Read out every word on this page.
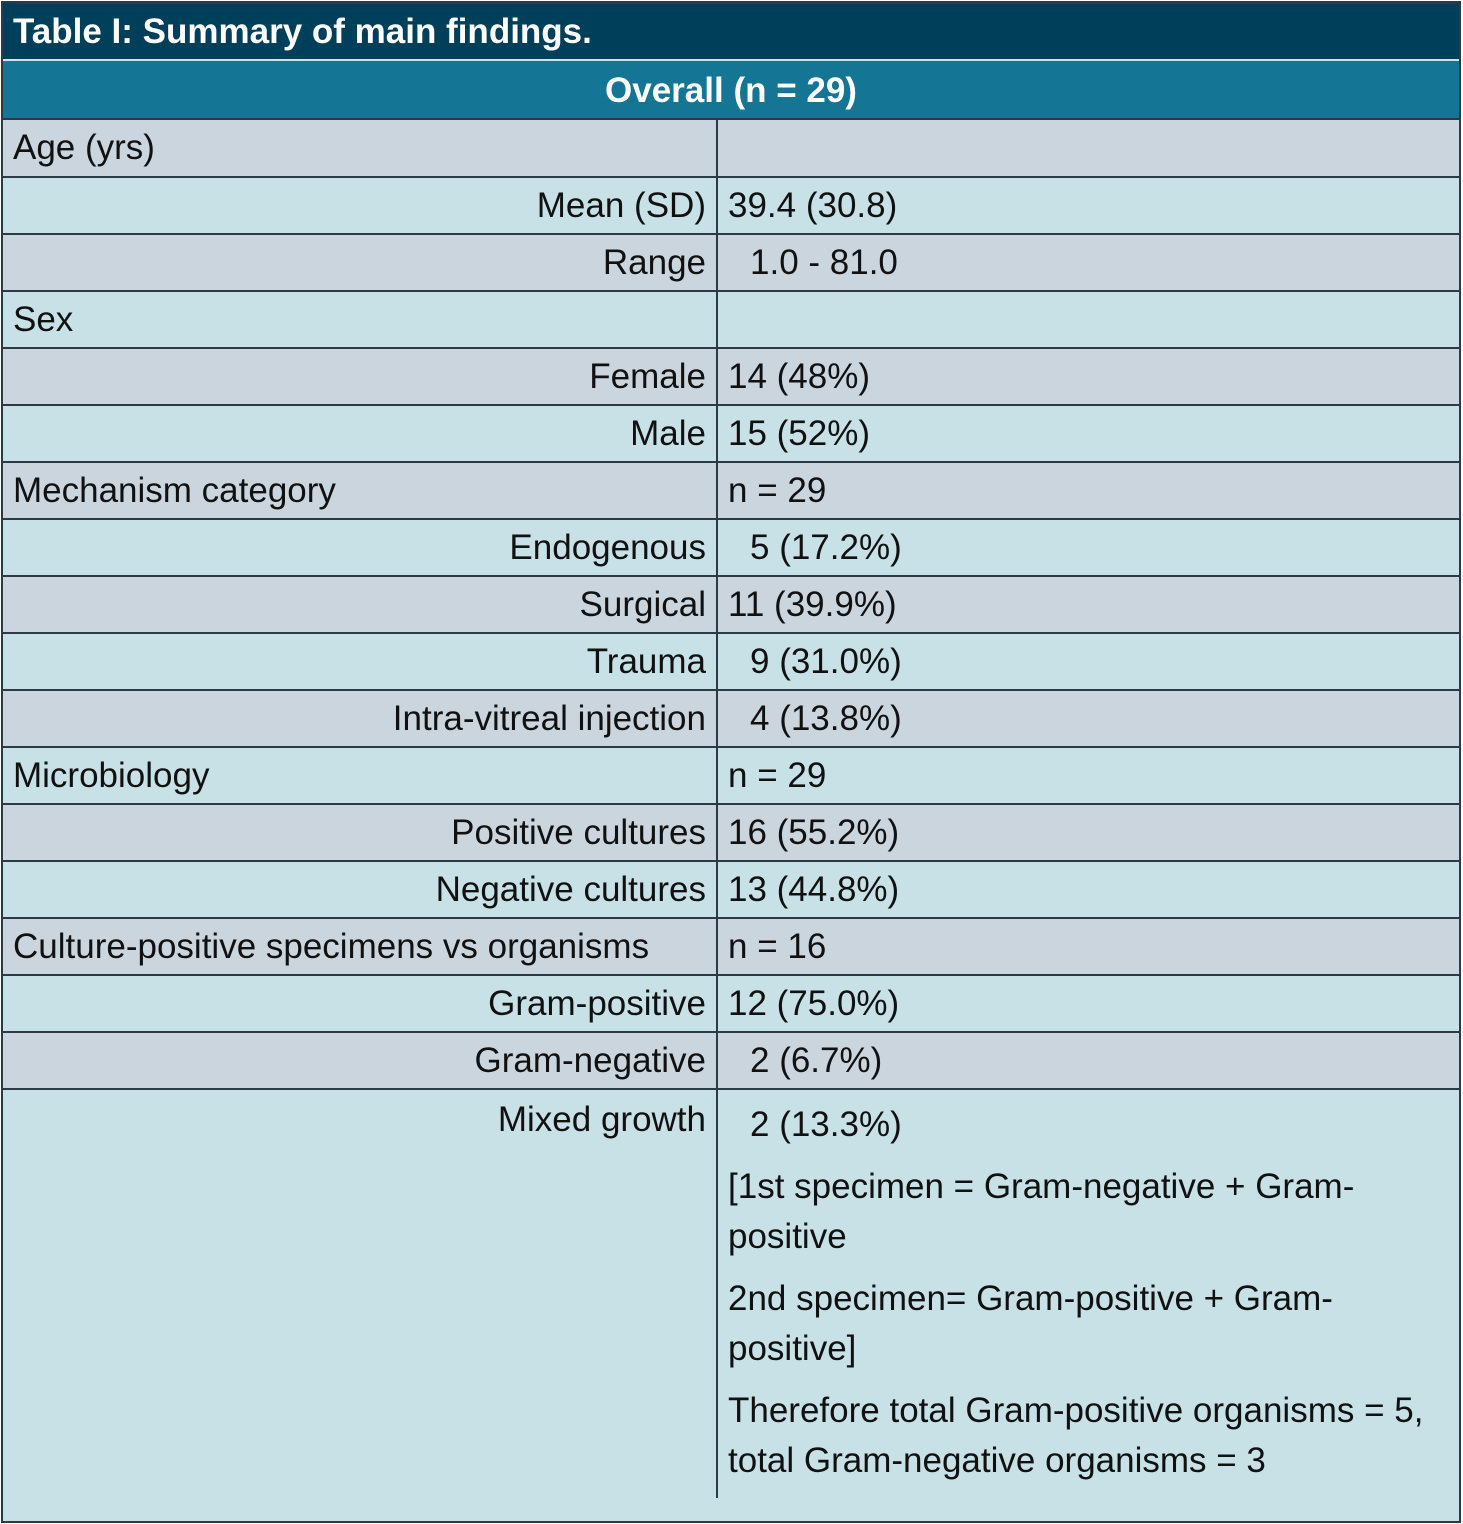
Table I: Summary of main findings.
Overall (n = 29)
Age (yrs)	
Mean (SD)	39.4 (30.8)
Range	1.0 - 81.0
Sex	
Female	14 (48%)
Male	15 (52%)
Mechanism category	n = 29
Endogenous	5 (17.2%)
Surgical	11 (39.9%)
Trauma	9 (31.0%)
Intra-vitreal injection	4 (13.8%)
Microbiology	n = 29
Positive cultures	16 (55.2%)
Negative cultures	13 (44.8%)
Culture-positive specimens vs organisms	n = 16
Gram-positive	12 (75.0%)
Gram-negative	2 (6.7%)
Mixed growth	2 (13.3%)

[1st specimen = Gram-negative + Gram-positive

2nd specimen= Gram-positive + Gram-positive]

Therefore total Gram-positive organisms = 5, total Gram-negative organisms = 3
